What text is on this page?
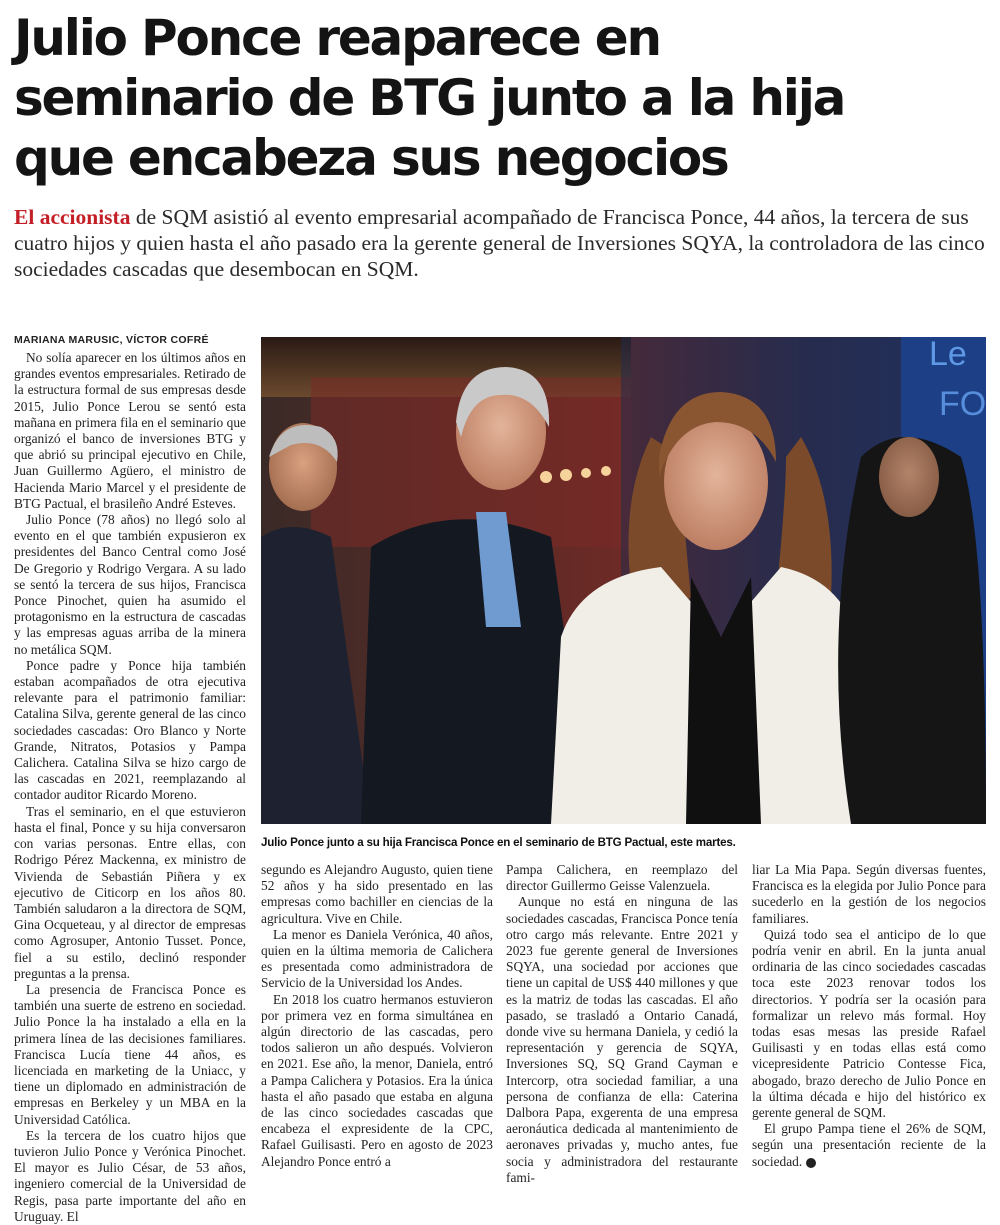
Julio Ponce reaparece en
seminario de BTG junto a la hija
que encabeza sus negocios
El accionista de SQM asistió al evento empresarial acompañado de Francisca Ponce, 44 años, la tercera de sus cuatro hijos y quien hasta el año pasado era la gerente general de Inversiones SQYA, la controladora de las cinco sociedades cascadas que desembocan en SQM.
MARIANA MARUSIC, VÍCTOR COFRÉ

No solía aparecer en los últimos años en grandes eventos empresariales. Retirado de la estructura formal de sus empresas desde 2015, Julio Ponce Lerou se sentó esta mañana en primera fila en el seminario que organizó el banco de inversiones BTG y que abrió su principal ejecutivo en Chile, Juan Guillermo Agüero, el ministro de Hacienda Mario Marcel y el presidente de BTG Pactual, el brasileño André Esteves.

Julio Ponce (78 años) no llegó solo al evento en el que también expusieron ex presidentes del Banco Central como José De Gregorio y Rodrigo Vergara. A su lado se sentó la tercera de sus hijos, Francisca Ponce Pinochet, quien ha asumido el protagonismo en la estructura de cascadas y las empresas aguas arriba de la minera no metálica SQM.

Ponce padre y Ponce hija también estaban acompañados de otra ejecutiva relevante para el patrimonio familiar: Catalina Silva, gerente general de las cinco sociedades cascadas: Oro Blanco y Norte Grande, Nitratos, Potasios y Pampa Calichera. Catalina Silva se hizo cargo de las cascadas en 2021, reemplazando al contador auditor Ricardo Moreno.

Tras el seminario, en el que estuvieron hasta el final, Ponce y su hija conversaron con varias personas. Entre ellas, con Rodrigo Pérez Mackenna, ex ministro de Vivienda de Sebastián Piñera y ex ejecutivo de Citicorp en los años 80. También saludaron a la directora de SQM, Gina Ocqueteau, y al director de empresas como Agrosuper, Antonio Tusset. Ponce, fiel a su estilo, declinó responder preguntas a la prensa.

La presencia de Francisca Ponce es también una suerte de estreno en sociedad. Julio Ponce la ha instalado a ella en la primera línea de las decisiones familiares. Francisca Lucía tiene 44 años, es licenciada en marketing de la Uniacc, y tiene un diplomado en administración de empresas en Berkeley y un MBA en la Universidad Católica.

Es la tercera de los cuatro hijos que tuvieron Julio Ponce y Verónica Pinochet. El mayor es Julio César, de 53 años, ingeniero comercial de la Universidad de Regis, pasa parte importante del año en Uruguay. El

Le
FO
Julio Ponce junto a su hija Francisca Ponce en el seminario de BTG Pactual, este martes.

segundo es Alejandro Augusto, quien tiene 52 años y ha sido presentado en las empresas como bachiller en ciencias de la agricultura. Vive en Chile.

La menor es Daniela Verónica, 40 años, quien en la última memoria de Calichera es presentada como administradora de Servicio de la Universidad los Andes.

En 2018 los cuatro hermanos estuvieron por primera vez en forma simultánea en algún directorio de las cascadas, pero todos salieron un año después. Volvieron en 2021. Ese año, la menor, Daniela, entró a Pampa Calichera y Potasios. Era la única hasta el año pasado que estaba en alguna de las cinco sociedades cascadas que encabeza el expresidente de la CPC, Rafael Guilisasti. Pero en agosto de 2023 Alejandro Ponce entró a

Pampa Calichera, en reemplazo del director Guillermo Geisse Valenzuela.

Aunque no está en ninguna de las sociedades cascadas, Francisca Ponce tenía otro cargo más relevante. Entre 2021 y 2023 fue gerente general de Inversiones SQYA, una sociedad por acciones que tiene un capital de US$ 440 millones y que es la matriz de todas las cascadas. El año pasado, se trasladó a Ontario Canadá, donde vive su hermana Daniela, y cedió la representación y gerencia de SQYA, Inversiones SQ, SQ Grand Cayman e Intercorp, otra sociedad familiar, a una persona de confianza de ella: Caterina Dalbora Papa, exgerenta de una empresa aeronáutica dedicada al mantenimiento de aeronaves privadas y, mucho antes, fue socia y administradora del restaurante fami-

liar La Mia Papa. Según diversas fuentes, Francisca es la elegida por Julio Ponce para sucederlo en la gestión de los negocios familiares.

Quizá todo sea el anticipo de lo que podría venir en abril. En la junta anual ordinaria de las cinco sociedades cascadas toca este 2023 renovar todos los directorios. Y podría ser la ocasión para formalizar un relevo más formal. Hoy todas esas mesas las preside Rafael Guilisasti y en todas ellas está como vicepresidente Patricio Contesse Fica, abogado, brazo derecho de Julio Ponce en la última década e hijo del histórico ex gerente general de SQM.

El grupo Pampa tiene el 26% de SQM, según una presentación reciente de la sociedad. P
